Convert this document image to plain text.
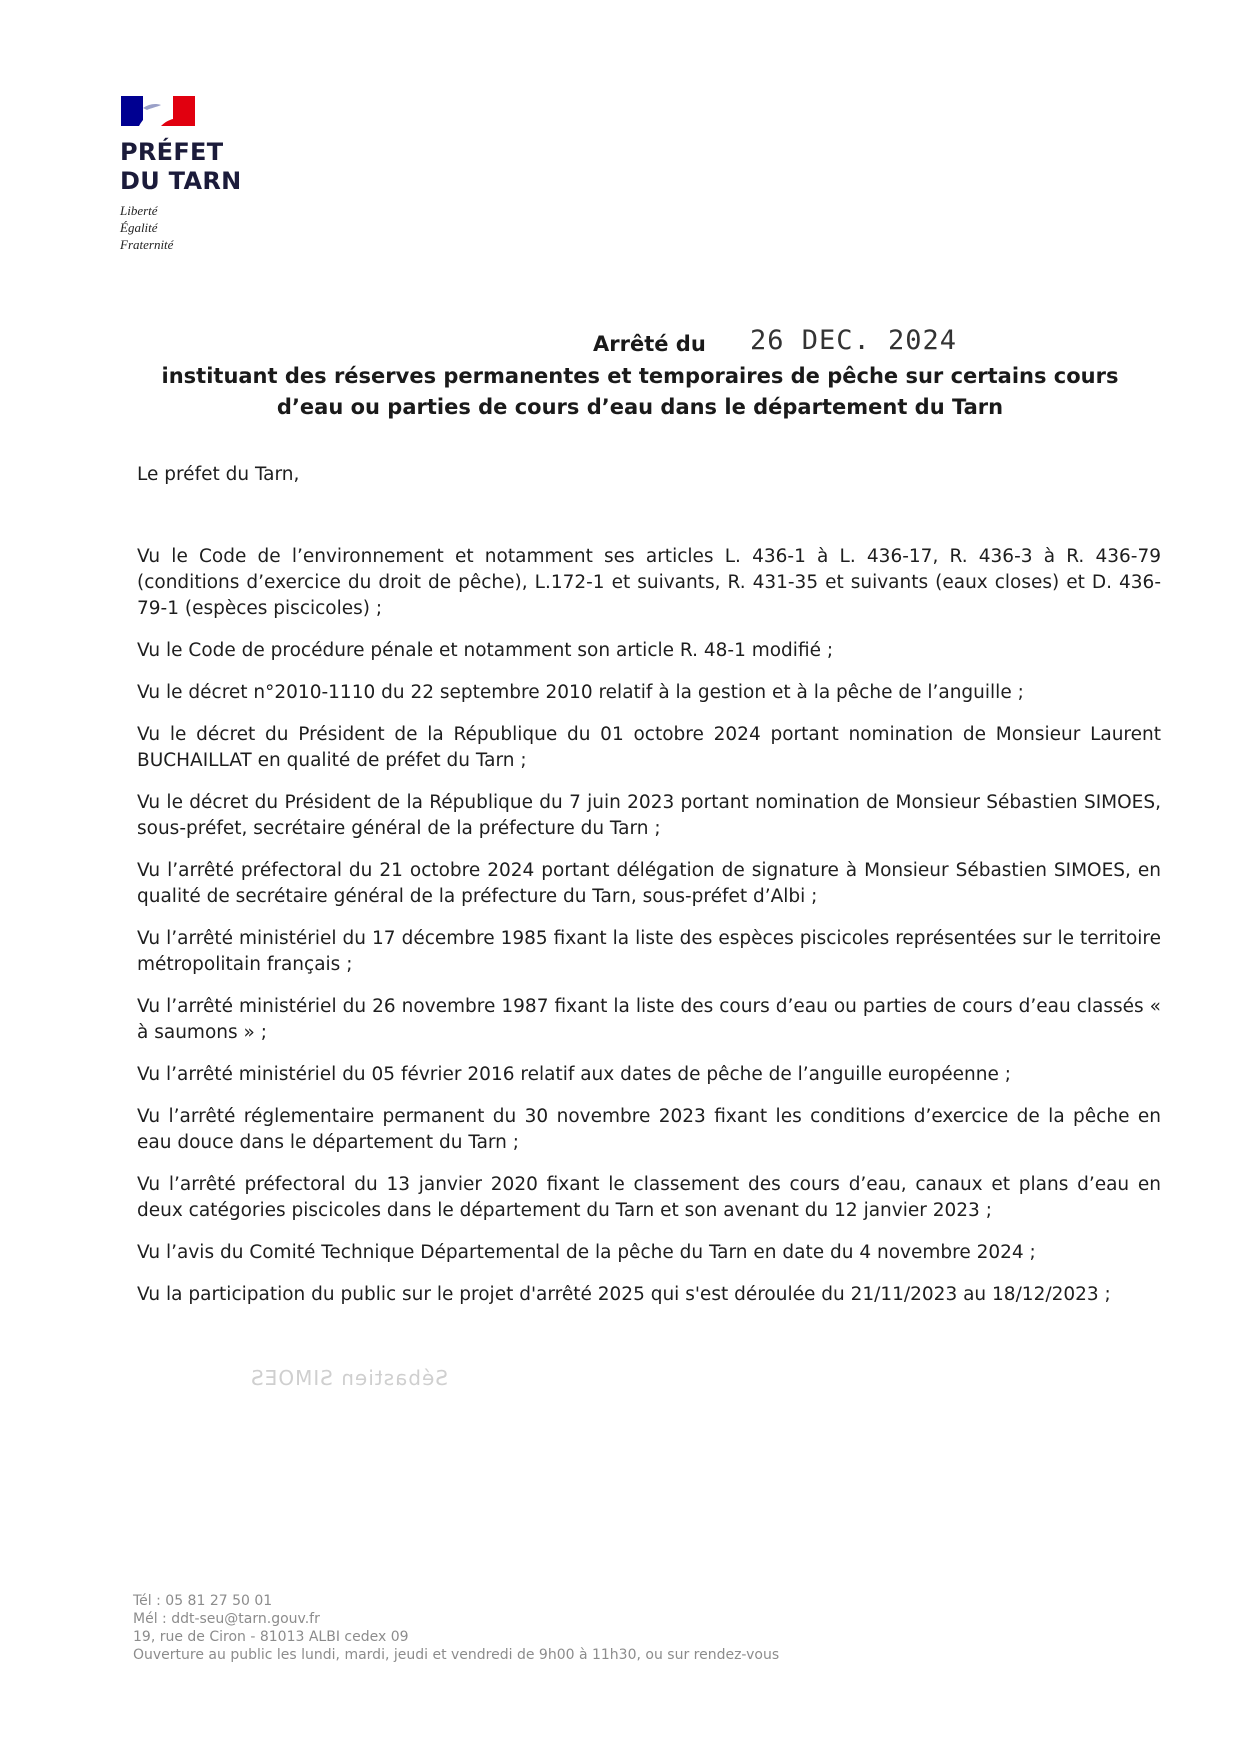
PRÉFET
DU TARN
Liberté
Égalité
Fraternité
Arrêté du 26 DEC. 2024
instituant des réserves permanentes et temporaires de pêche sur certains cours
d’eau ou parties de cours d’eau dans le département du Tarn

Le préfet du Tarn,

Vu le Code de l’environnement et notamment ses articles L. 436-1 à L. 436-17, R. 436-3 à R. 436-79 (conditions d’exercice du droit de pêche), L.172-1 et suivants, R. 431-35 et suivants (eaux closes) et D. 436-79-1 (espèces piscicoles) ;

Vu le Code de procédure pénale et notamment son article R. 48-1 modifié ;

Vu le décret n°2010-1110 du 22 septembre 2010 relatif à la gestion et à la pêche de l’anguille ;

Vu le décret du Président de la République du 01 octobre 2024 portant nomination de Monsieur Laurent BUCHAILLAT en qualité de préfet du Tarn ;

Vu le décret du Président de la République du 7 juin 2023 portant nomination de Monsieur Sébastien SIMOES, sous-préfet, secrétaire général de la préfecture du Tarn ;

Vu l’arrêté préfectoral du 21 octobre 2024 portant délégation de signature à Monsieur Sébastien SIMOES, en qualité de secrétaire général de la préfecture du Tarn, sous-préfet d’Albi ;

Vu l’arrêté ministériel du 17 décembre 1985 fixant la liste des espèces piscicoles représentées sur le territoire métropolitain français ;

Vu l’arrêté ministériel du 26 novembre 1987 fixant la liste des cours d’eau ou parties de cours d’eau classés « à saumons » ;

Vu l’arrêté ministériel du 05 février 2016 relatif aux dates de pêche de l’anguille européenne ;

Vu l’arrêté réglementaire permanent du 30 novembre 2023 fixant les conditions d’exercice de la pêche en eau douce dans le département du Tarn ;

Vu l’arrêté préfectoral du 13 janvier 2020 fixant le classement des cours d’eau, canaux et plans d’eau en deux catégories piscicoles dans le département du Tarn et son avenant du 12 janvier 2023 ;

Vu l’avis du Comité Technique Départemental de la pêche du Tarn en date du 4 novembre 2024 ;

Vu la participation du public sur le projet d'arrêté 2025 qui s'est déroulée du 21/11/2023 au 18/12/2023 ;

Sébastien SIMOES
Tél : 05 81 27 50 01
Mél : ddt-seu@tarn.gouv.fr
19, rue de Ciron - 81013 ALBI cedex 09
Ouverture au public les lundi, mardi, jeudi et vendredi de 9h00 à 11h30, ou sur rendez-vous
